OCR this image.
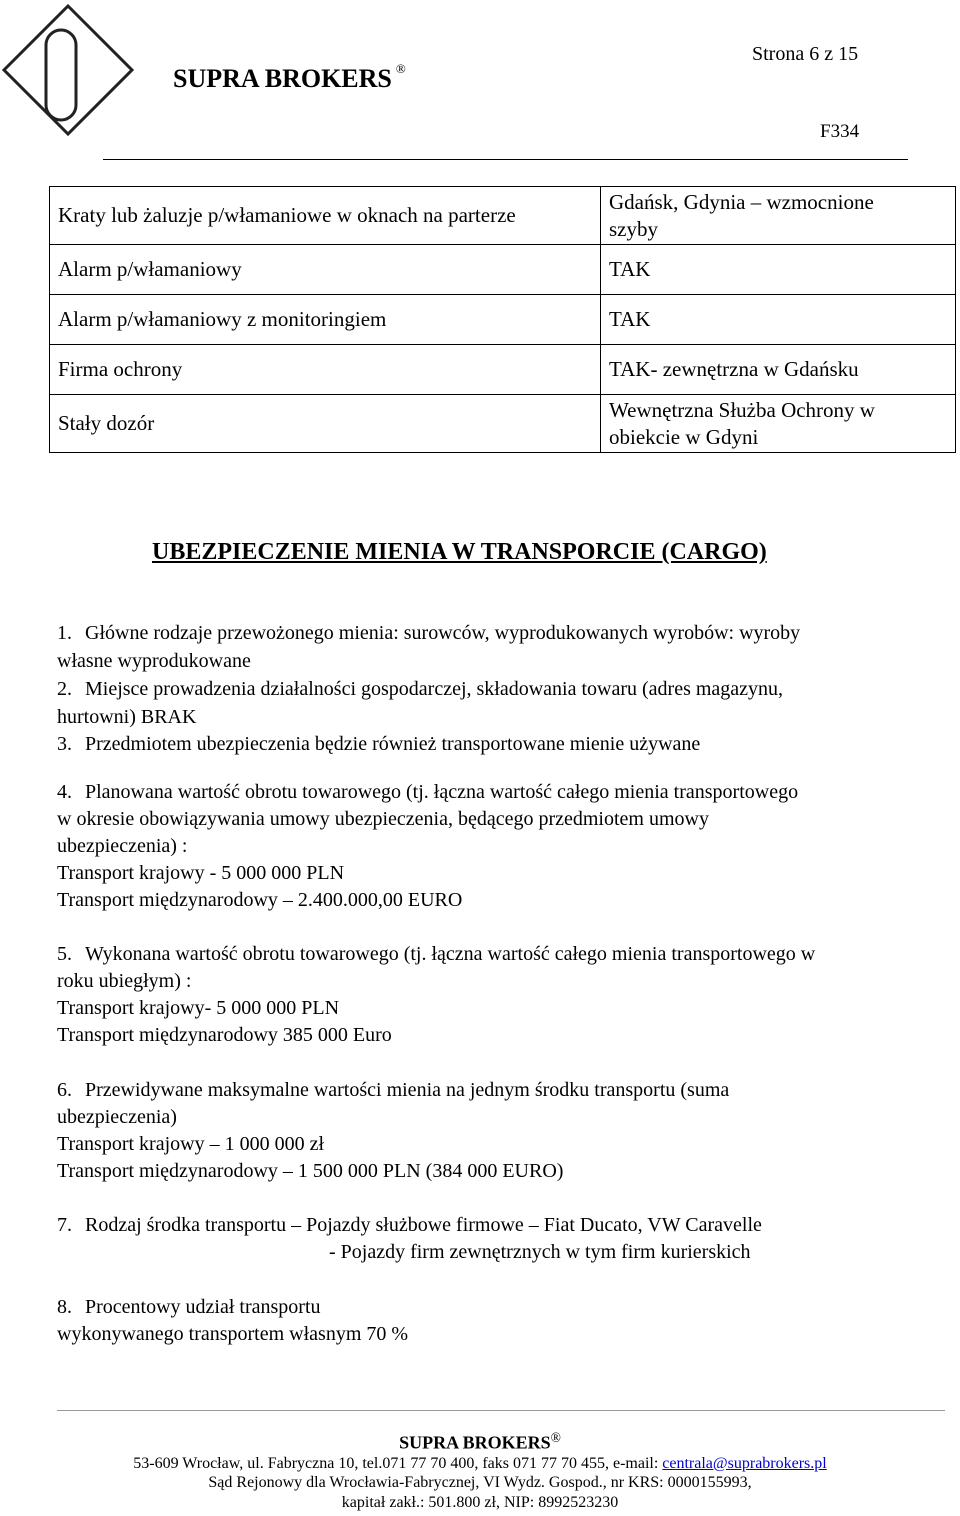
SUPRA BROKERS ®
Strona 6 z 15
F334
Kraty lub żaluzje p/włamaniowe w oknach na parterze	Gdańsk, Gdynia – wzmocnione
szyby
Alarm p/włamaniowy	TAK
Alarm p/włamaniowy z monitoringiem	TAK
Firma ochrony	TAK- zewnętrzna w Gdańsku
Stały dozór	Wewnętrzna Służba Ochrony w
obiekcie w Gdyni
UBEZPIECZENIE MIENIA W TRANSPORCIE (CARGO)
1. Główne rodzaje przewożonego mienia: surowców, wyprodukowanych wyrobów: wyroby
własne wyprodukowane
2. Miejsce prowadzenia działalności gospodarczej, składowania towaru (adres magazynu,
hurtowni) BRAK
3. Przedmiotem ubezpieczenia będzie również transportowane mienie używane
4. Planowana wartość obrotu towarowego (tj. łączna wartość całego mienia transportowego
w okresie obowiązywania umowy ubezpieczenia, będącego przedmiotem umowy
ubezpieczenia) :
Transport krajowy - 5 000 000 PLN
Transport międzynarodowy – 2.400.000,00 EURO
5. Wykonana wartość obrotu towarowego (tj. łączna wartość całego mienia transportowego w
roku ubiegłym) :
Transport krajowy- 5 000 000 PLN
Transport międzynarodowy 385 000 Euro
6. Przewidywane maksymalne wartości mienia na jednym środku transportu (suma
ubezpieczenia)
Transport krajowy – 1 000 000 zł
Transport międzynarodowy – 1 500 000 PLN (384 000 EURO)
7. Rodzaj środka transportu – Pojazdy służbowe firmowe – Fiat Ducato, VW Caravelle
- Pojazdy firm zewnętrznych w tym firm kurierskich
8. Procentowy udział transportu
wykonywanego transportem własnym 70 %
SUPRA BROKERS®
53-609 Wrocław, ul. Fabryczna 10, tel.071 77 70 400, faks 071 77 70 455, e-mail: centrala@suprabrokers.pl
Sąd Rejonowy dla Wrocławia-Fabrycznej, VI Wydz. Gospod., nr KRS: 0000155993,
kapitał zakł.: 501.800 zł, NIP: 8992523230
